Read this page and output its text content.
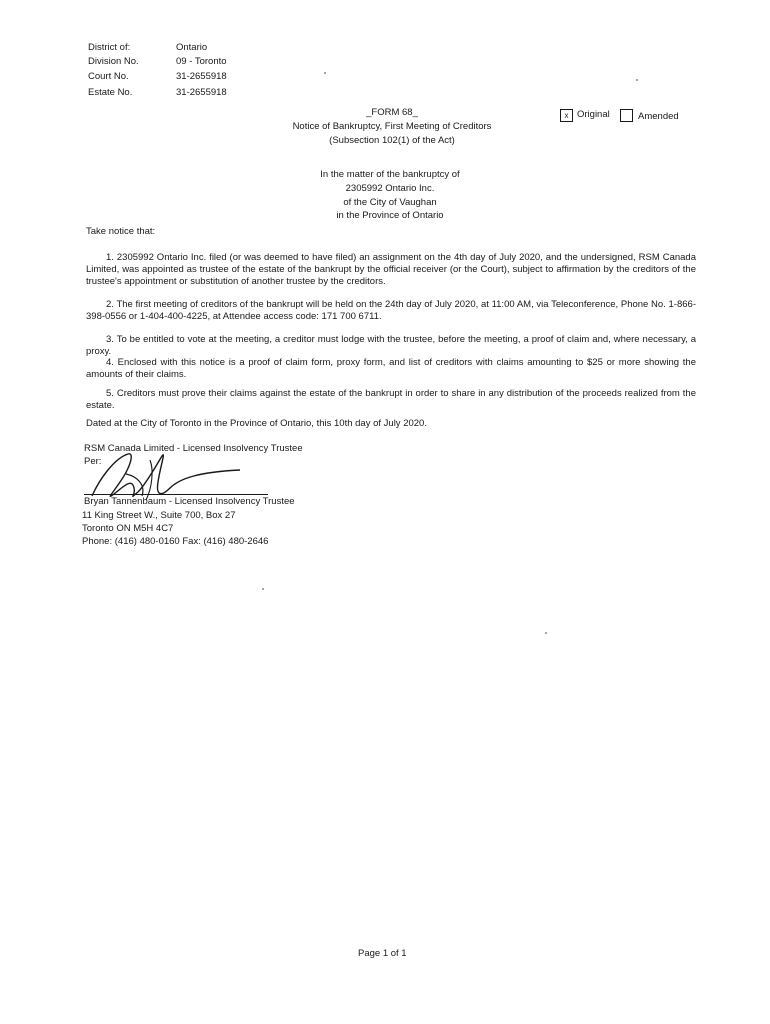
District of:	Ontario
Division No.	09 - Toronto
Court No.	31-2655918
Estate No.	31-2655918
_FORM 68_
Notice of Bankruptcy, First Meeting of Creditors
(Subsection 102(1) of the Act)
x Original	Amended
In the matter of the bankruptcy of
2305992 Ontario Inc.
of the City of Vaughan
in the Province of Ontario
Take notice that:
1. 2305992 Ontario Inc. filed (or was deemed to have filed) an assignment on the 4th day of July 2020, and the undersigned, RSM Canada Limited, was appointed as trustee of the estate of the bankrupt by the official receiver (or the Court), subject to affirmation by the creditors of the trustee's appointment or substitution of another trustee by the creditors.
2. The first meeting of creditors of the bankrupt will be held on the 24th day of July 2020, at 11:00 AM, via Teleconference, Phone No. 1-866-398-0556 or 1-404-400-4225, at Attendee access code: 171 700 6711.
3. To be entitled to vote at the meeting, a creditor must lodge with the trustee, before the meeting, a proof of claim and, where necessary, a proxy.
4. Enclosed with this notice is a proof of claim form, proxy form, and list of creditors with claims amounting to $25 or more showing the amounts of their claims.
5. Creditors must prove their claims against the estate of the bankrupt in order to share in any distribution of the proceeds realized from the estate.
Dated at the City of Toronto in the Province of Ontario, this 10th day of July 2020.
RSM Canada Limited - Licensed Insolvency Trustee
Per:
Bryan Tannenbaum - Licensed Insolvency Trustee
11 King Street W., Suite 700, Box 27
Toronto ON M5H 4C7
Phone: (416) 480-0160 Fax: (416) 480-2646
Page 1 of 1
